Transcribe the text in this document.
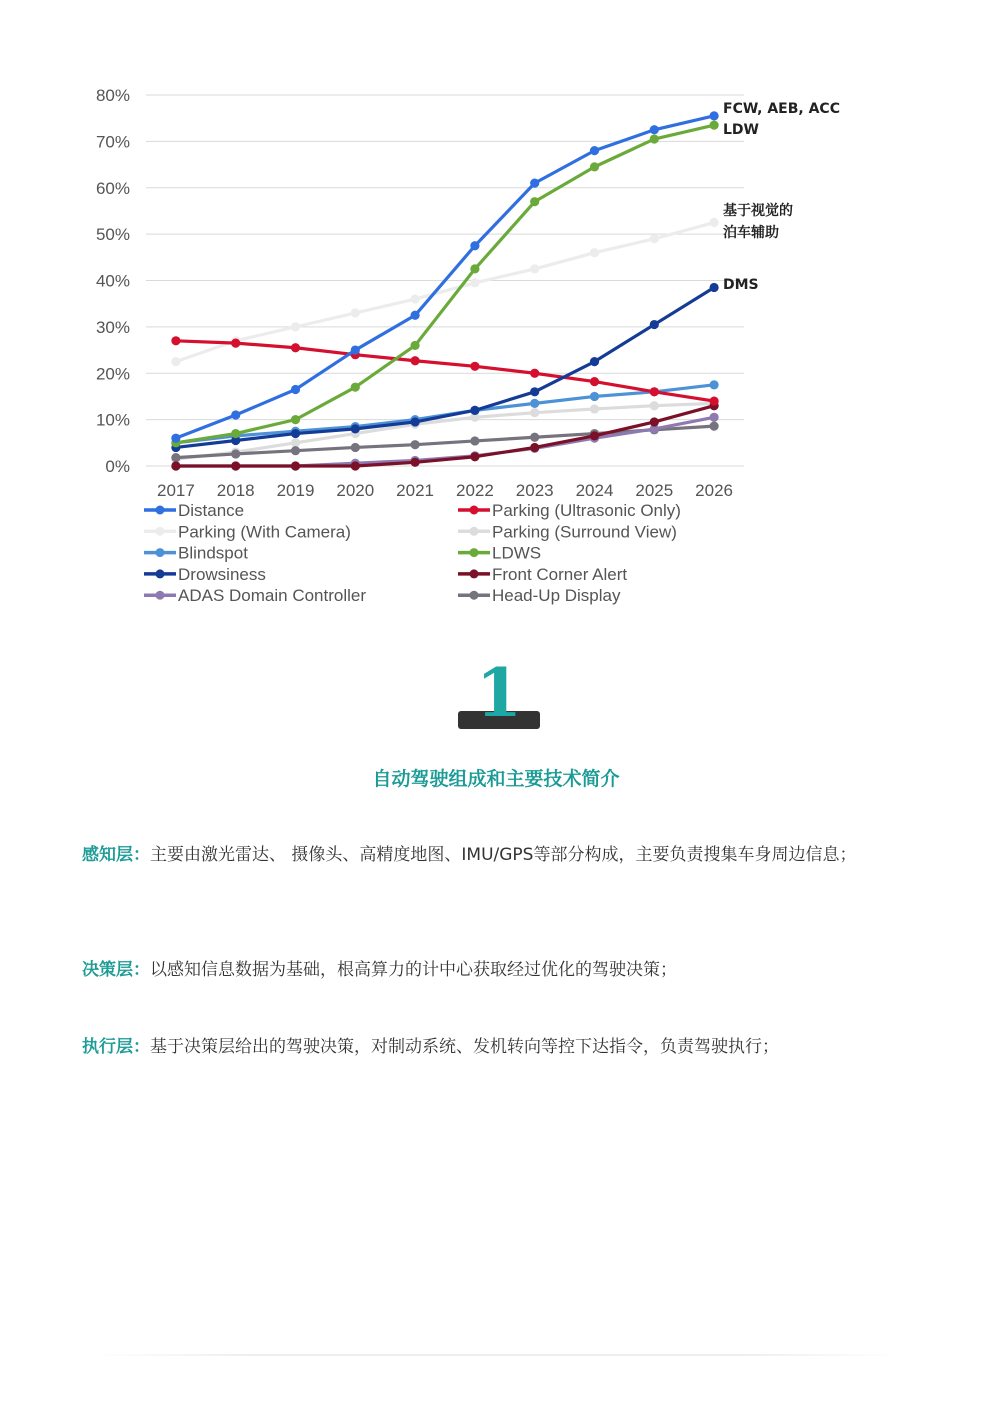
0%
10%
20%
30%
40%
50%
60%
70%
80%
2017 2018 2019 2020 2021 2022 2023 2024 2025 2026
FCW, AEB, ACC
LDW
基于视觉的
泊车辅助
DMS
Distance	Parking (Ultrasonic Only)
Parking (With Camera)	Parking (Surround View)
Blindspot	LDWS
Drowsiness	Front Corner Alert
ADAS Domain Controller	Head-Up Display
1
自动驾驶组成和主要技术简介
感知层：主要由激光雷达、 摄像头、高精度地图、IMU/GPS等部分构成，主要负责搜集车身周边信息；
决策层：以感知信息数据为基础，根高算力的计中心获取经过优化的驾驶决策；
执行层：基于决策层给出的驾驶决策，对制动系统、发机转向等控下达指令，负责驾驶执行；
